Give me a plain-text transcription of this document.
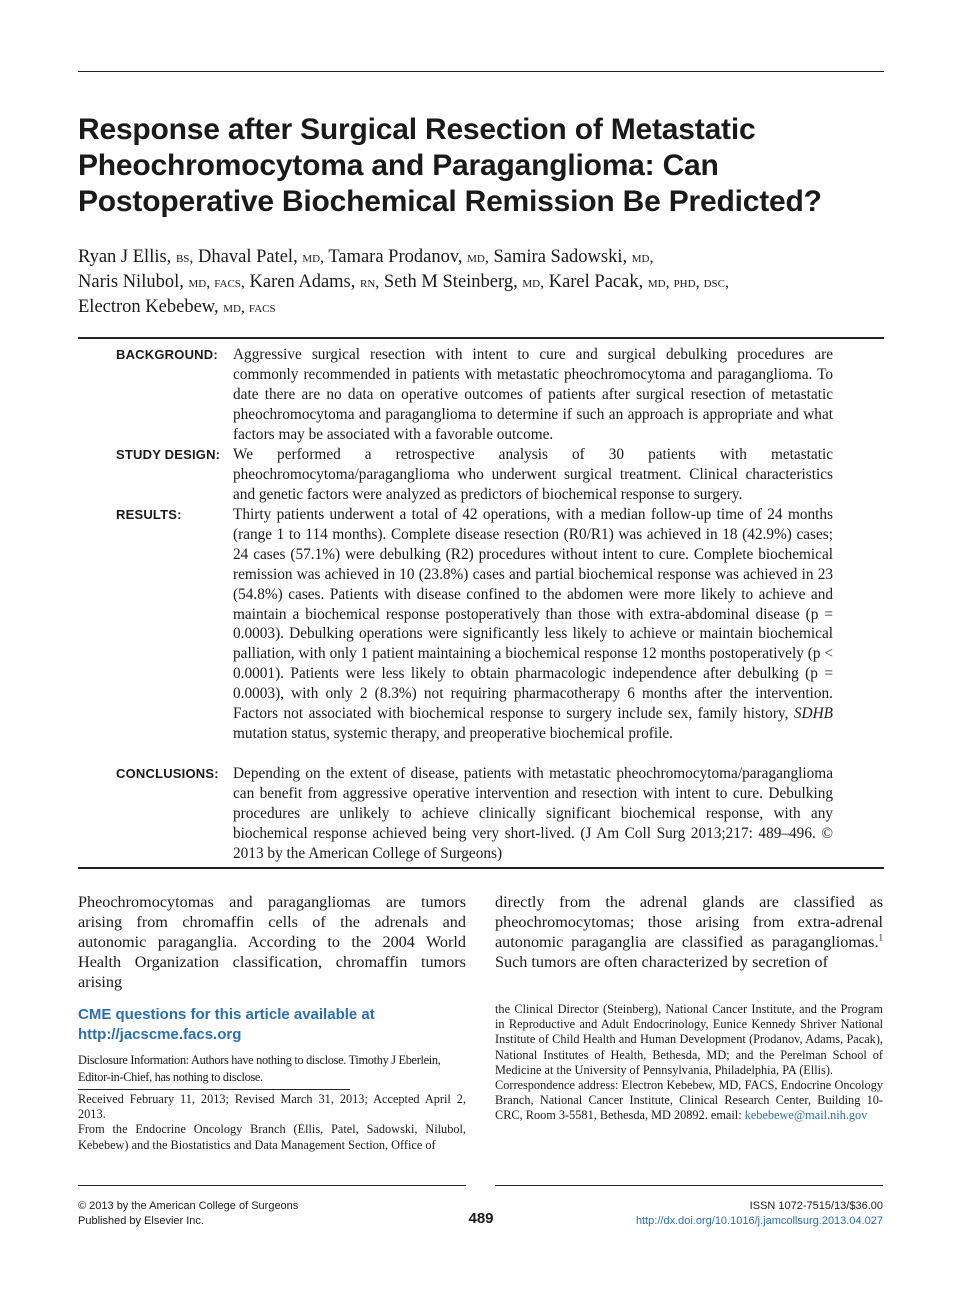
Response after Surgical Resection of Metastatic
Pheochromocytoma and Paraganglioma: Can
Postoperative Biochemical Remission Be Predicted?
Ryan J Ellis, bs, Dhaval Patel, md, Tamara Prodanov, md, Samira Sadowski, md,
Naris Nilubol, md, facs, Karen Adams, rn, Seth M Steinberg, md, Karel Pacak, md, phd, dsc,
Electron Kebebew, md, facs
BACKGROUND: Aggressive surgical resection with intent to cure and surgical debulking procedures are commonly recommended in patients with metastatic pheochromocytoma and paraganglioma. To date there are no data on operative outcomes of patients after surgical resection of metastatic pheochromocytoma and paraganglioma to determine if such an approach is appropriate and what factors may be associated with a favorable outcome.
STUDY DESIGN: We performed a retrospective analysis of 30 patients with metastatic pheochromocytoma/paraganglioma who underwent surgical treatment. Clinical characteristics and genetic factors were analyzed as predictors of biochemical response to surgery.
RESULTS:	Thirty patients underwent a total of 42 operations, with a median follow-up time of 24 months (range 1 to 114 months). Complete disease resection (R0/R1) was achieved in 18 (42.9%) cases; 24 cases (57.1%) were debulking (R2) procedures without intent to cure. Complete biochemical remission was achieved in 10 (23.8%) cases and partial biochemical response was achieved in 23 (54.8%) cases. Patients with disease confined to the abdomen were more likely to achieve and maintain a biochemical response postoperatively than those with extra-abdominal disease (p = 0.0003). Debulking operations were significantly less likely to achieve or maintain biochemical palliation, with only 1 patient maintaining a biochemical response 12 months postoperatively (p < 0.0001). Patients were less likely to obtain pharmacologic independence after debulking (p = 0.0003), with only 2 (8.3%) not requiring pharmacotherapy 6 months after the intervention. Factors not associated with biochemical response to surgery include sex, family history, SDHB mutation status, systemic therapy, and preoperative biochemical profile.
CONCLUSIONS: Depending on the extent of disease, patients with metastatic pheochromocytoma/paraganglioma can benefit from aggressive operative intervention and resection with intent to cure. Debulking procedures are unlikely to achieve clinically significant biochemical response, with any biochemical response achieved being very short-lived. (J Am Coll Surg 2013;217: 489–496. © 2013 by the American College of Surgeons)
Pheochromocytomas and paragangliomas are tumors arising from chromaffin cells of the adrenals and autonomic paraganglia. According to the 2004 World Health Organization classification, chromaffin tumors arising
directly from the adrenal glands are classified as pheochromocytomas; those arising from extra-adrenal autonomic paraganglia are classified as paragangliomas.$^1$ Such tumors are often characterized by secretion of
CME questions for this article available at
http://jacscme.facs.org
Disclosure Information: Authors have nothing to disclose. Timothy J Eberlein, Editor-in-Chief, has nothing to disclose.
Received February 11, 2013; Revised March 31, 2013; Accepted April 2, 2013.
From the Endocrine Oncology Branch (Ellis, Patel, Sadowski, Nilubol, Kebebew) and the Biostatistics and Data Management Section, Office of
the Clinical Director (Steinberg), National Cancer Institute, and the Program in Reproductive and Adult Endocrinology, Eunice Kennedy Shriver National Institute of Child Health and Human Development (Prodanov, Adams, Pacak), National Institutes of Health, Bethesda, MD; and the Perelman School of Medicine at the University of Pennsylvania, Philadelphia, PA (Ellis).
Correspondence address: Electron Kebebew, MD, FACS, Endocrine Oncology Branch, National Cancer Institute, Clinical Research Center, Building 10-CRC, Room 3-5581, Bethesda, MD 20892. email: kebebewe@mail.nih.gov
© 2013 by the American College of Surgeons
Published by Elsevier Inc.	489
ISSN 1072-7515/13/$36.00
http://dx.doi.org/10.1016/j.jamcollsurg.2013.04.027
